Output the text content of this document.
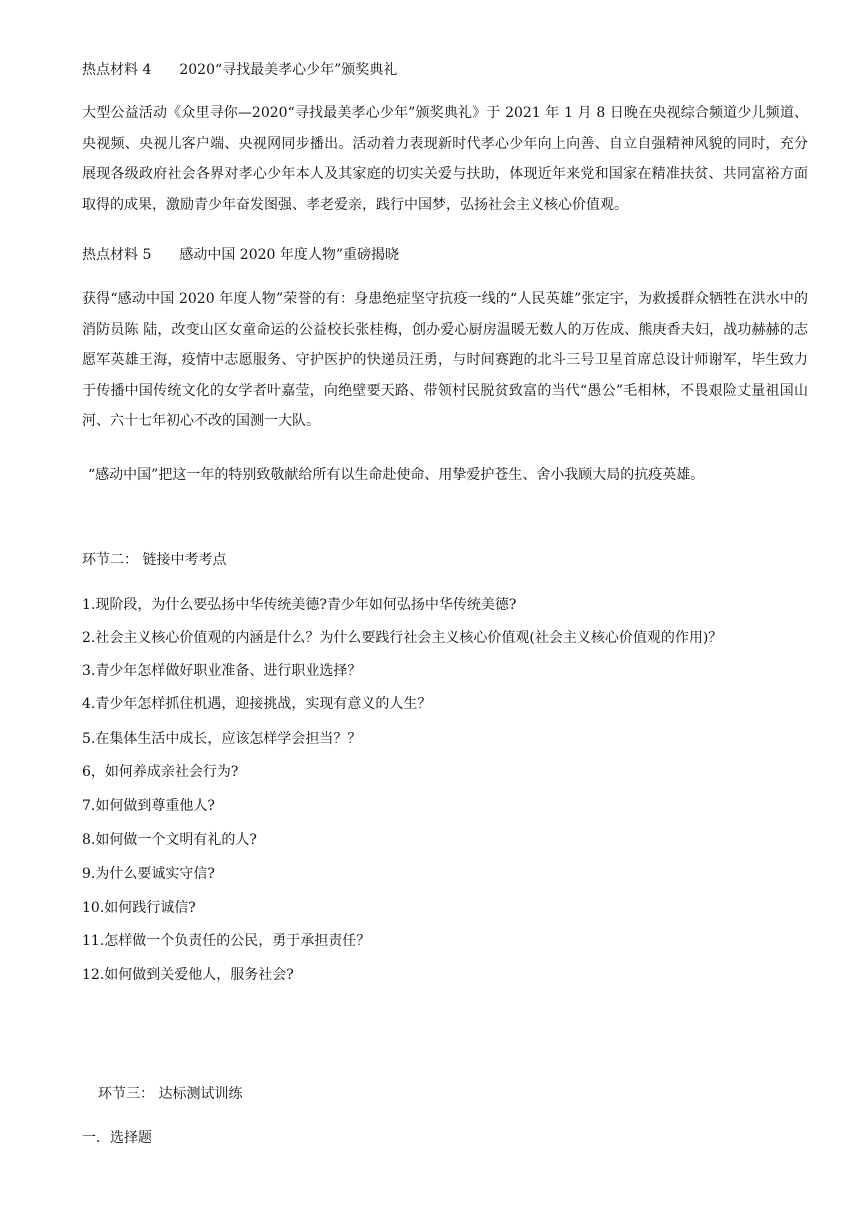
热点材料 4 2020“寻找最美孝心少年”颁奖典礼
大型公益活动《众里寻你—2020“寻找最美孝心少年”颁奖典礼》于 2021 年 1 月 8 日晚在央视综合频道少儿频道、央视频、央视儿客户端、央视网同步播出。活动着力表现新时代孝心少年向上向善、自立自强精神风貌的同时，充分展现各级政府社会各界对孝心少年本人及其家庭的切实关爱与扶助，体现近年来党和国家在精准扶贫、共同富裕方面取得的成果，激励青少年奋发图强、孝老爱亲，践行中国梦，弘扬社会主义核心价值观。
热点材料 5 感动中国 2020 年度人物”重磅揭晓
获得“感动中国 2020 年度人物”荣誉的有：身患绝症坚守抗疫一线的“人民英雄”张定宇，为救援群众牺牲在洪水中的消防员陈 陆，改变山区女童命运的公益校长张桂梅，创办爱心厨房温暖无数人的万佐成、熊庚香夫妇，战功赫赫的志愿军英雄王海，疫情中志愿服务、守护医护的快递员汪勇，与时间赛跑的北斗三号卫星首席总设计师谢军，毕生致力于传播中国传统文化的女学者叶嘉莹，向绝壁要天路、带领村民脱贫致富的当代“愚公”毛相林，不畏艰险丈量祖国山河、六十七年初心不改的国测一大队。
“感动中国”把这一年的特别致敬献给所有以生命赴使命、用挚爱护苍生、舍小我顾大局的抗疫英雄。
环节二： 链接中考考点
1.现阶段，为什么要弘扬中华传统美德?青少年如何弘扬中华传统美德?
2.社会主义核心价值观的内涵是什么？为什么要践行社会主义核心价值观(社会主义核心价值观的作用)？
3.青少年怎样做好职业准备、进行职业选择？
4.青少年怎样抓住机遇，迎接挑战，实现有意义的人生？
5.在集体生活中成长，应该怎样学会担当？？
6，如何养成亲社会行为?
7.如何做到尊重他人?
8.如何做一个文明有礼的人?
9.为什么要诚实守信?
10.如何践行诚信?
11.怎样做一个负责任的公民，勇于承担责任？
12.如何做到关爱他人，服务社会?
环节三： 达标测试训练
一．选择题
